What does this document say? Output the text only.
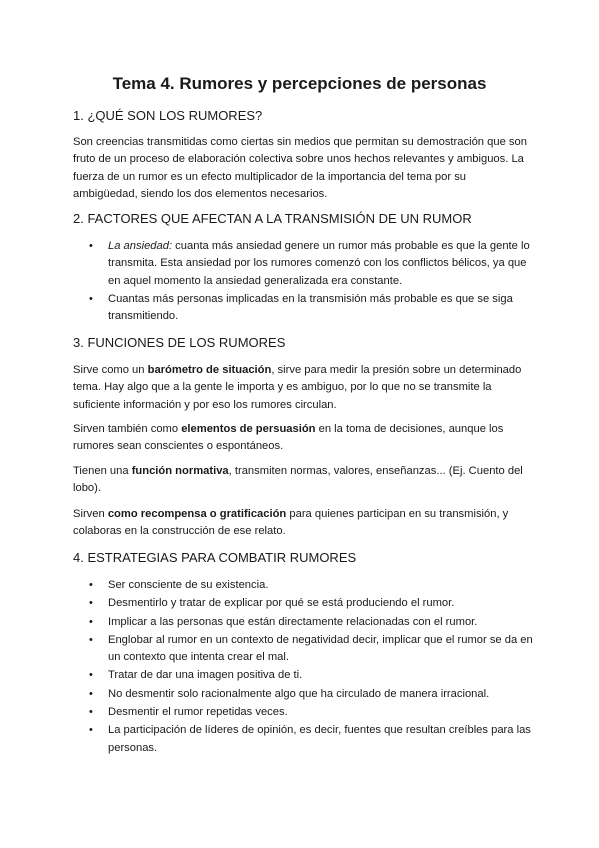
Tema 4. Rumores y percepciones de personas
1. ¿QUÉ SON LOS RUMORES?

Son creencias transmitidas como ciertas sin medios que permitan su demostración que son fruto de un proceso de elaboración colectiva sobre unos hechos relevantes y ambiguos. La fuerza de un rumor es un efecto multiplicador de la importancia del tema por su ambigüedad, siendo los dos elementos necesarios.

2. FACTORES QUE AFECTAN A LA TRANSMISIÓN DE UN RUMOR
• La ansiedad: cuanta más ansiedad genere un rumor más probable es que la gente lo transmita. Esta ansiedad por los rumores comenzó con los conflictos bélicos, ya que en aquel momento la ansiedad generalizada era constante.
• Cuantas más personas implicadas en la transmisión más probable es que se siga transmitiendo.
3. FUNCIONES DE LOS RUMORES

Sirve como un barómetro de situación, sirve para medir la presión sobre un determinado tema. Hay algo que a la gente le importa y es ambiguo, por lo que no se transmite la suficiente información y por eso los rumores circulan.

Sirven también como elementos de persuasión en la toma de decisiones, aunque los rumores sean conscientes o espontáneos.

Tienen una función normativa, transmiten normas, valores, enseñanzas... (Ej. Cuento del lobo).

Sirven como recompensa o gratificación para quienes participan en su transmisión, y colaboras en la construcción de ese relato.

4. ESTRATEGIAS PARA COMBATIR RUMORES
• Ser consciente de su existencia.
• Desmentirlo y tratar de explicar por qué se está produciendo el rumor.
• Implicar a las personas que están directamente relacionadas con el rumor.
• Englobar al rumor en un contexto de negatividad decir, implicar que el rumor se da en un contexto que intenta crear el mal.
• Tratar de dar una imagen positiva de ti.
• No desmentir solo racionalmente algo que ha circulado de manera irracional.
• Desmentir el rumor repetidas veces.
• La participación de líderes de opinión, es decir, fuentes que resultan creíbles para las personas.
